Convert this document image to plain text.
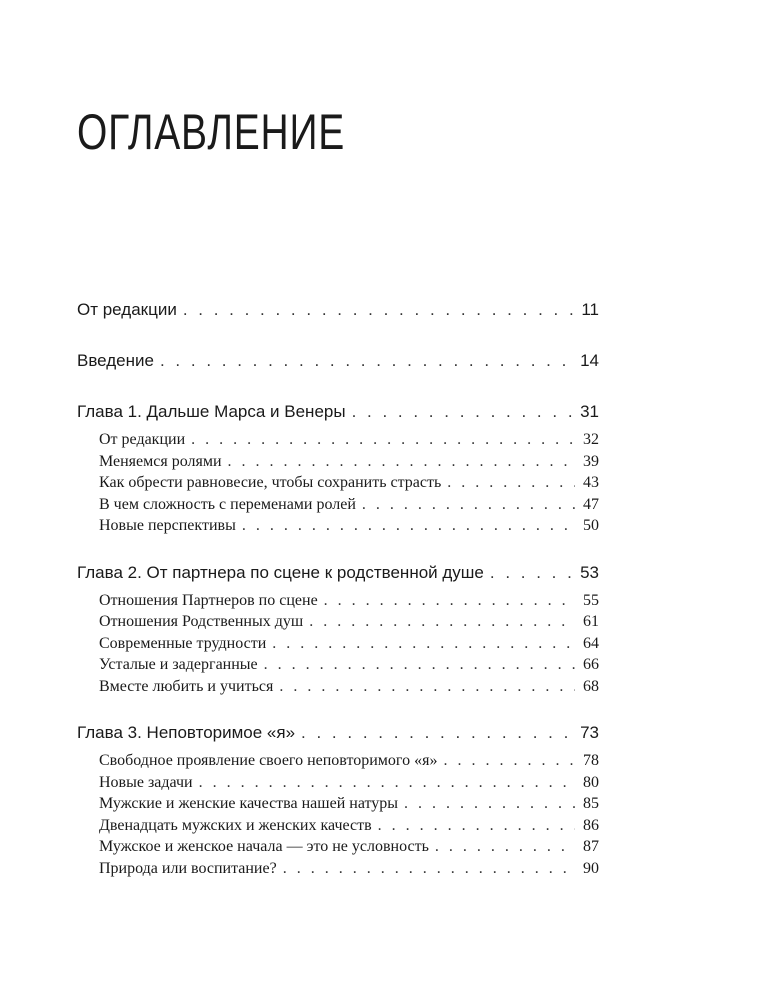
ОГЛАВЛЕНИЕ
От редакции . . .	11
Введение . . .	14
Глава 1. Дальше Марса и Венеры . . .	31
От редакции . . .	32
Меняемся ролями . . .	39
Как обрести равновесие, чтобы сохранить страсть . . .	43
В чем сложность с переменами ролей . . .	47
Новые перспективы . . .	50
Глава 2. От партнера по сцене к родственной душе . . .	53
Отношения Партнеров по сцене . . .	55
Отношения Родственных душ . . .	61
Современные трудности . . .	64
Усталые и задерганные . . .	66
Вместе любить и учиться . . .	68
Глава 3. Неповторимое «я» . . .	73
Свободное проявление своего неповторимого «я» . . .	78
Новые задачи . . .	80
Мужские и женские качества нашей натуры . . .	85
Двенадцать мужских и женских качеств . . .	86
Мужское и женское начала — это не условность . . .	87
Природа или воспитание? . . .	90
